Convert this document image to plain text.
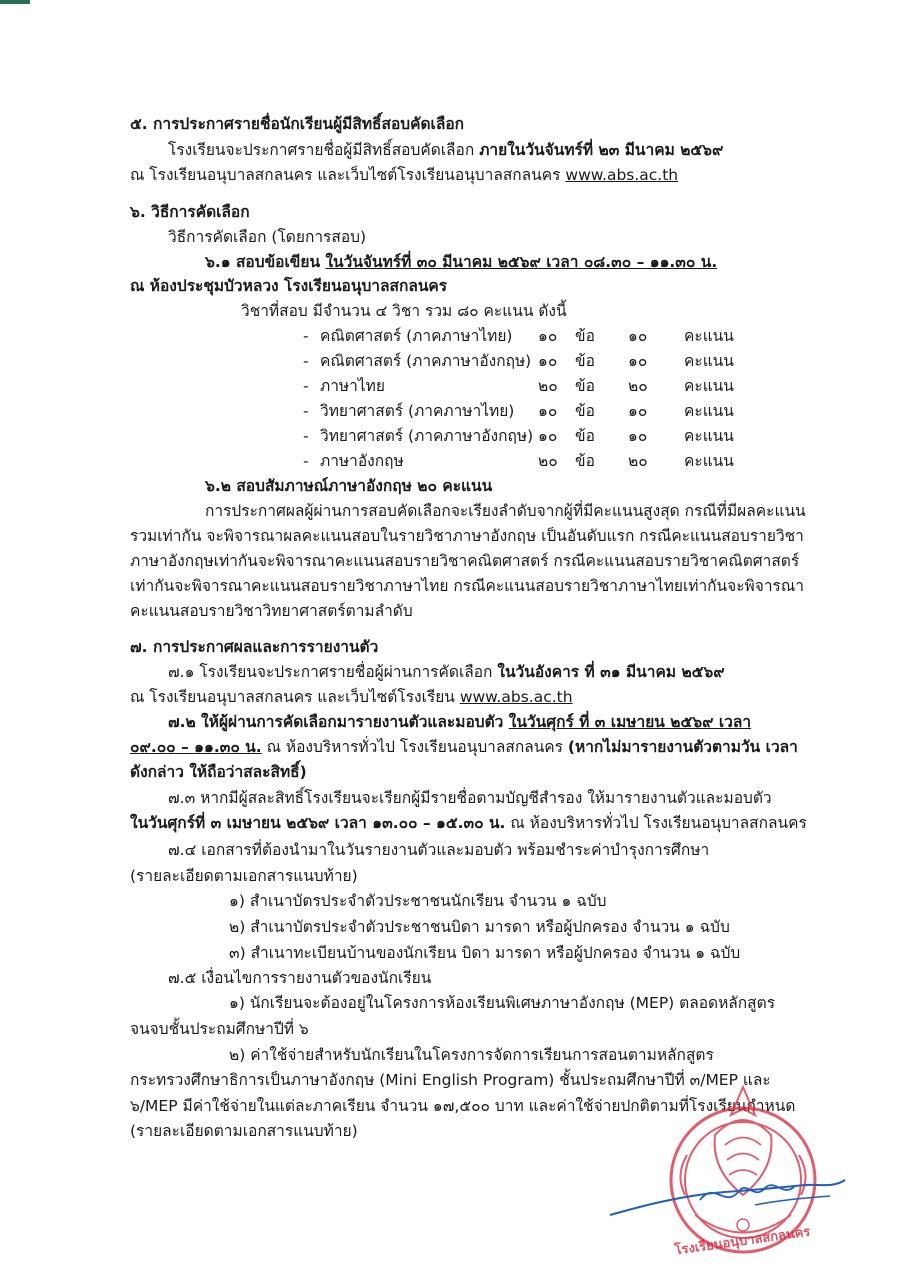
๕. การประกาศรายชื่อนักเรียนผู้มีสิทธิ์สอบคัดเลือก
โรงเรียนจะประกาศรายชื่อผู้มีสิทธิ์สอบคัดเลือก ภายในวันจันทร์ที่ ๒๓ มีนาคม ๒๕๖๙
ณ โรงเรียนอนุบาลสกลนคร และเว็บไซต์โรงเรียนอนุบาลสกลนคร www.abs.ac.th
๖. วิธีการคัดเลือก
วิธีการคัดเลือก (โดยการสอบ)
๖.๑ สอบข้อเขียน ในวันจันทร์ที่ ๓๐ มีนาคม ๒๕๖๙ เวลา ๐๘.๓๐ – ๑๑.๓๐ น.
ณ ห้องประชุมบัวหลวง โรงเรียนอนุบาลสกลนคร
วิชาที่สอบ มีจำนวน ๔ วิชา รวม ๘๐ คะแนน ดังนี้
- คณิตศาสตร์ (ภาคภาษาไทย) ๑๐ ข้อ ๑๐ คะแนน
- คณิตศาสตร์ (ภาคภาษาอังกฤษ) ๑๐ ข้อ ๑๐ คะแนน
- ภาษาไทย	๒๐ ข้อ ๒๐ คะแนน
- วิทยาศาสตร์ (ภาคภาษาไทย) ๑๐ ข้อ ๑๐ คะแนน
- วิทยาศาสตร์ (ภาคภาษาอังกฤษ) ๑๐ ข้อ ๑๐ คะแนน
- ภาษาอังกฤษ	๒๐ ข้อ ๒๐ คะแนน
๖.๒ สอบสัมภาษณ์ภาษาอังกฤษ ๒๐ คะแนน
การประกาศผลผู้ผ่านการสอบคัดเลือกจะเรียงลำดับจากผู้ที่มีคะแนนสูงสุด กรณีที่มีผลคะแนน
รวมเท่ากัน จะพิจารณาผลคะแนนสอบในรายวิชาภาษาอังกฤษ เป็นอันดับแรก กรณีคะแนนสอบรายวิชา
ภาษาอังกฤษเท่ากันจะพิจารณาคะแนนสอบรายวิชาคณิตศาสตร์ กรณีคะแนนสอบรายวิชาคณิตศาสตร์
เท่ากันจะพิจารณาคะแนนสอบรายวิชาภาษาไทย กรณีคะแนนสอบรายวิชาภาษาไทยเท่ากันจะพิจารณา
คะแนนสอบรายวิชาวิทยาศาสตร์ตามลำดับ
๗. การประกาศผลและการรายงานตัว
๗.๑ โรงเรียนจะประกาศรายชื่อผู้ผ่านการคัดเลือก ในวันอังคาร ที่ ๓๑ มีนาคม ๒๕๖๙
ณ โรงเรียนอนุบาลสกลนคร และเว็บไซต์โรงเรียน www.abs.ac.th
๗.๒ ให้ผู้ผ่านการคัดเลือกมารายงานตัวและมอบตัว ในวันศุกร์ ที่ ๓ เมษายน ๒๕๖๙ เวลา
๐๙.๐๐ – ๑๑.๓๐ น. ณ ห้องบริหารทั่วไป โรงเรียนอนุบาลสกลนคร (หากไม่มารายงานตัวตามวัน เวลา
ดังกล่าว ให้ถือว่าสละสิทธิ์)
๗.๓ หากมีผู้สละสิทธิ์โรงเรียนจะเรียกผู้มีรายชื่อตามบัญชีสำรอง ให้มารายงานตัวและมอบตัว
ในวันศุกร์ที่ ๓ เมษายน ๒๕๖๙ เวลา ๑๓.๐๐ – ๑๕.๓๐ น. ณ ห้องบริหารทั่วไป โรงเรียนอนุบาลสกลนคร
๗.๔ เอกสารที่ต้องนำมาในวันรายงานตัวและมอบตัว พร้อมชำระค่าบำรุงการศึกษา
(รายละเอียดตามเอกสารแนบท้าย)
๑) สำเนาบัตรประจำตัวประชาชนนักเรียน จำนวน ๑ ฉบับ
๒) สำเนาบัตรประจำตัวประชาชนบิดา มารดา หรือผู้ปกครอง จำนวน ๑ ฉบับ
๓) สำเนาทะเบียนบ้านของนักเรียน บิดา มารดา หรือผู้ปกครอง จำนวน ๑ ฉบับ
๗.๕ เงื่อนไขการรายงานตัวของนักเรียน
๑) นักเรียนจะต้องอยู่ในโครงการห้องเรียนพิเศษภาษาอังกฤษ (MEP) ตลอดหลักสูตร
จนจบชั้นประถมศึกษาปีที่ ๖
๒) ค่าใช้จ่ายสำหรับนักเรียนในโครงการจัดการเรียนการสอนตามหลักสูตร
กระทรวงศึกษาธิการเป็นภาษาอังกฤษ (Mini English Program) ชั้นประถมศึกษาปีที่ ๓/MEP และ
๖/MEP มีค่าใช้จ่ายในแต่ละภาคเรียน จำนวน ๑๗,๕๐๐ บาท และค่าใช้จ่ายปกติตามที่โรงเรียนกำหนด
(รายละเอียดตามเอกสารแนบท้าย)
โรงเรียนอนุบาลสกลนคร
